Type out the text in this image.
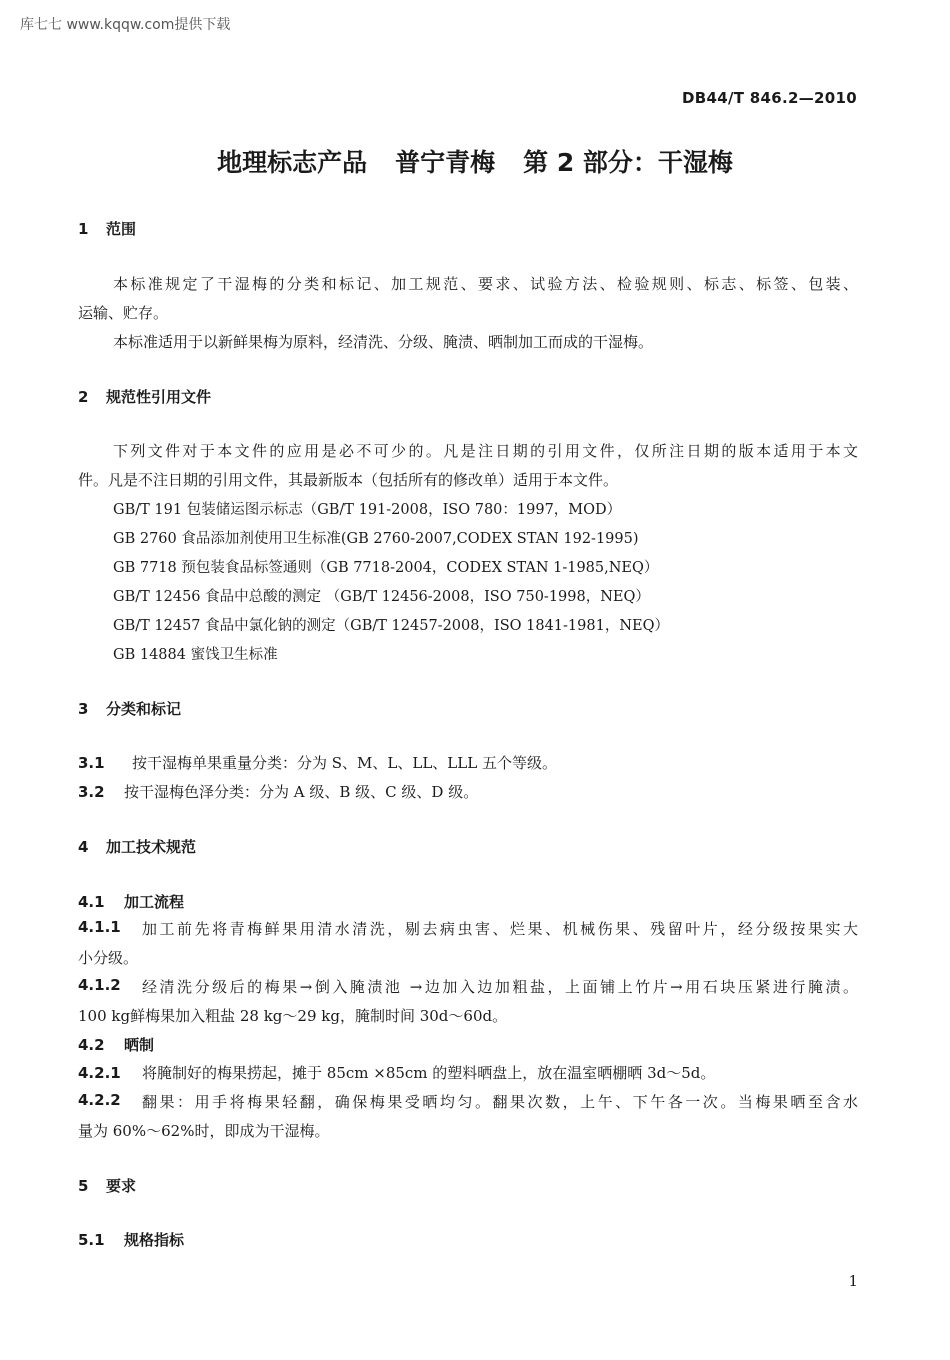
库七七 www.kqqw.com提供下载
DB44/T 846.2—2010
地理标志产品 普宁青梅 第 2 部分：干湿梅
1 范围
本标准规定了干湿梅的分类和标记、加工规范、要求、试验方法、检验规则、标志、标签、包装、
运输、贮存。
本标准适用于以新鲜果梅为原料，经清洗、分级、腌渍、晒制加工而成的干湿梅。
2 规范性引用文件
下列文件对于本文件的应用是必不可少的。凡是注日期的引用文件，仅所注日期的版本适用于本文
件。凡是不注日期的引用文件，其最新版本（包括所有的修改单）适用于本文件。
GB/T 191 包装储运图示标志（GB/T 191-2008，ISO 780：1997，MOD）
GB 2760 食品添加剂使用卫生标准(GB 2760-2007,CODEX STAN 192-1995)
GB 7718 预包装食品标签通则（GB 7718-2004，CODEX STAN 1-1985,NEQ）
GB/T 12456 食品中总酸的测定 （GB/T 12456-2008，ISO 750-1998，NEQ）
GB/T 12457 食品中氯化钠的测定（GB/T 12457-2008，ISO 1841-1981，NEQ）
GB 14884 蜜饯卫生标准
3 分类和标记
3.1 按干湿梅单果重量分类：分为 S、M、L、LL、LLL 五个等级。
3.2 按干湿梅色泽分类：分为 A 级、B 级、C 级、D 级。
4 加工技术规范
4.1 加工流程
4.1.1	加工前先将青梅鲜果用清水清洗，剔去病虫害、烂果、机械伤果、残留叶片，经分级按果实大
小分级。
4.1.2	经清洗分级后的梅果→倒入腌渍池 →边加入边加粗盐，上面铺上竹片→用石块压紧进行腌渍。
100 kg鲜梅果加入粗盐 28 kg～29 kg，腌制时间 30d～60d。
4.2 晒制
4.2.1 将腌制好的梅果捞起，摊于 85cm ×85cm 的塑料晒盘上，放在温室晒棚晒 3d～5d。
4.2.2	翻果：用手将梅果轻翻，确保梅果受晒均匀。翻果次数，上午、下午各一次。当梅果晒至含水
量为 60%～62%时，即成为干湿梅。
5 要求
5.1 规格指标
1
